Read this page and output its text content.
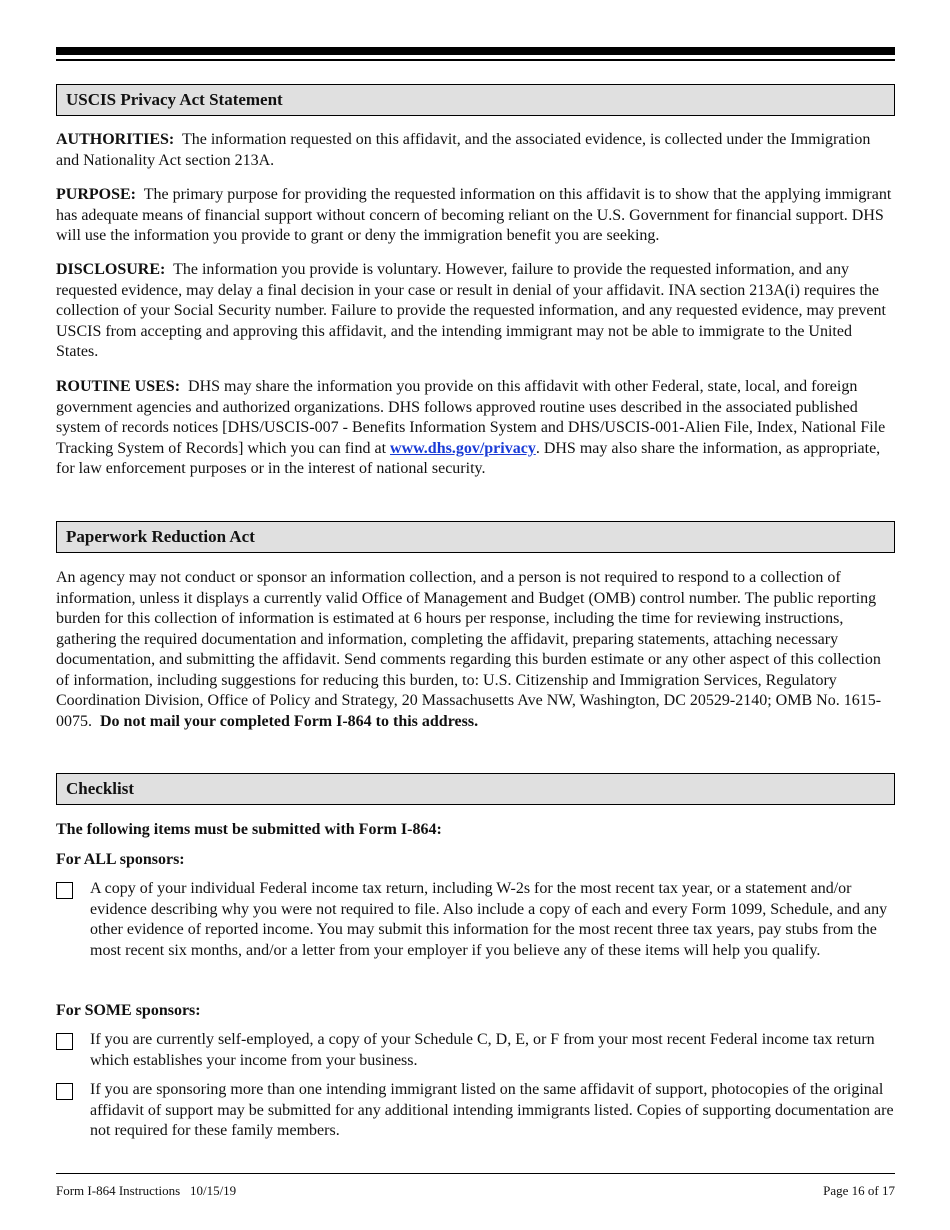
USCIS Privacy Act Statement

AUTHORITIES: The information requested on this affidavit, and the associated evidence, is collected under the Immigration and Nationality Act section 213A.

PURPOSE: The primary purpose for providing the requested information on this affidavit is to show that the applying immigrant has adequate means of financial support without concern of becoming reliant on the U.S. Government for financial support. DHS will use the information you provide to grant or deny the immigration benefit you are seeking.

DISCLOSURE: The information you provide is voluntary. However, failure to provide the requested information, and any requested evidence, may delay a final decision in your case or result in denial of your affidavit. INA section 213A(i) requires the collection of your Social Security number. Failure to provide the requested information, and any requested evidence, may prevent USCIS from accepting and approving this affidavit, and the intending immigrant may not be able to immigrate to the United States.

ROUTINE USES: DHS may share the information you provide on this affidavit with other Federal, state, local, and foreign government agencies and authorized organizations. DHS follows approved routine uses described in the associated published system of records notices [DHS/USCIS-007 - Benefits Information System and DHS/USCIS-001-Alien File, Index, National File Tracking System of Records] which you can find at www.dhs.gov/privacy. DHS may also share the information, as appropriate, for law enforcement purposes or in the interest of national security.

Paperwork Reduction Act

An agency may not conduct or sponsor an information collection, and a person is not required to respond to a collection of information, unless it displays a currently valid Office of Management and Budget (OMB) control number. The public reporting burden for this collection of information is estimated at 6 hours per response, including the time for reviewing instructions, gathering the required documentation and information, completing the affidavit, preparing statements, attaching necessary documentation, and submitting the affidavit. Send comments regarding this burden estimate or any other aspect of this collection of information, including suggestions for reducing this burden, to: U.S. Citizenship and Immigration Services, Regulatory Coordination Division, Office of Policy and Strategy, 20 Massachusetts Ave NW, Washington, DC 20529-2140; OMB No. 1615-0075. Do not mail your completed Form I-864 to this address.

Checklist

The following items must be submitted with Form I-864:

For ALL sponsors:

A copy of your individual Federal income tax return, including W-2s for the most recent tax year, or a statement and/or evidence describing why you were not required to file. Also include a copy of each and every Form 1099, Schedule, and any other evidence of reported income. You may submit this information for the most recent three tax years, pay stubs from the most recent six months, and/or a letter from your employer if you believe any of these items will help you qualify.

For SOME sponsors:

If you are currently self-employed, a copy of your Schedule C, D, E, or F from your most recent Federal income tax return which establishes your income from your business.

If you are sponsoring more than one intending immigrant listed on the same affidavit of support, photocopies of the original affidavit of support may be submitted for any additional intending immigrants listed. Copies of supporting documentation are not required for these family members.

Form I-864 Instructions   10/15/19	Page 16 of 17
